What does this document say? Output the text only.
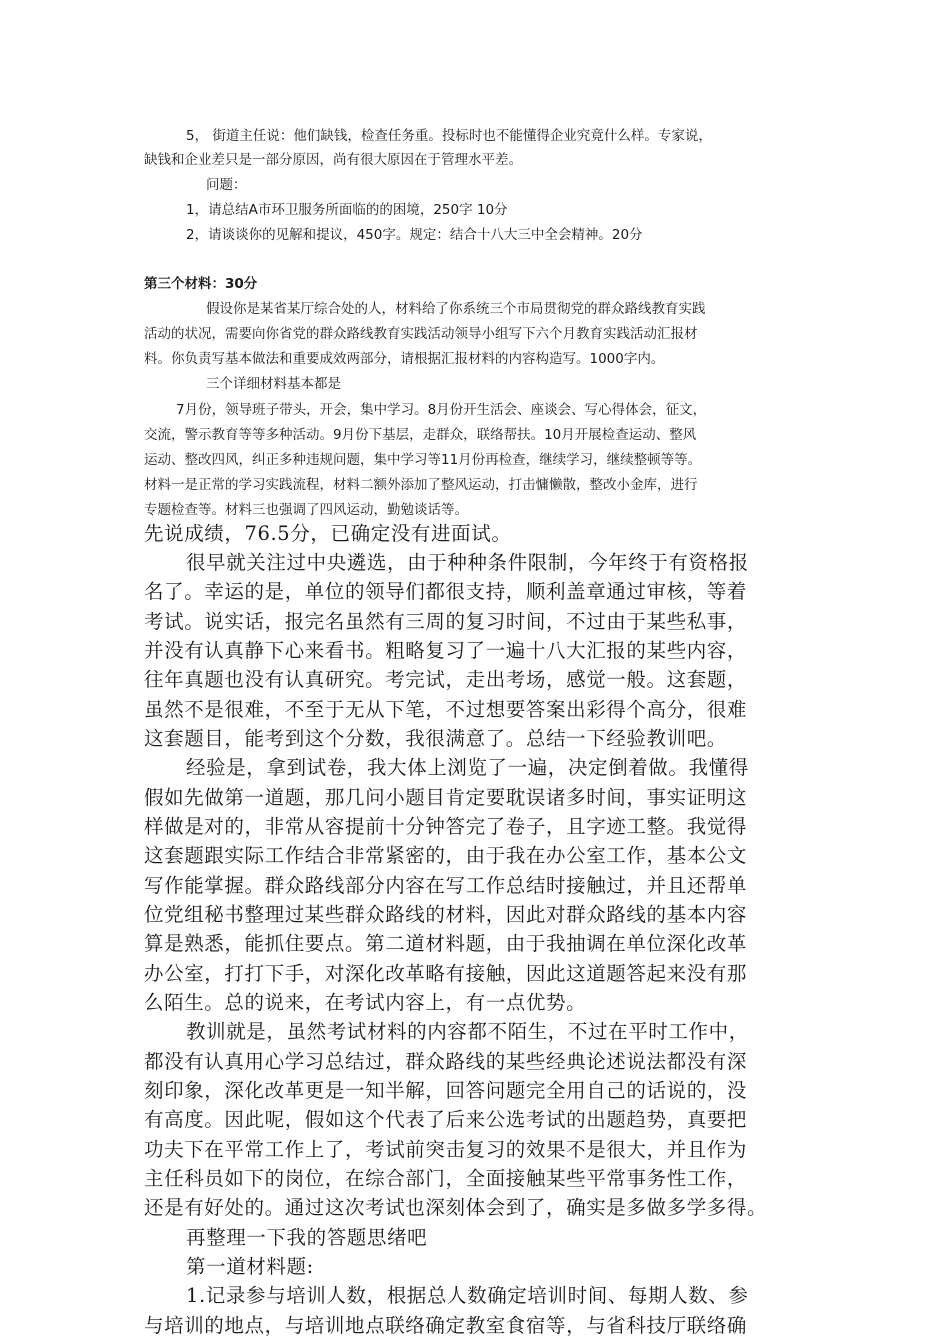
5， 街道主任说：他们缺钱，检查任务重。投标时也不能懂得企业究竟什么样。专家说，

缺钱和企业差只是一部分原因，尚有很大原因在于管理水平差。

问题：

1，请总结A市环卫服务所面临的的困境，250字 10分

2，请谈谈你的见解和提议，450字。规定：结合十八大三中全会精神。20分

第三个材料：30分

假设你是某省某厅综合处的人，材料给了你系统三个市局贯彻党的群众路线教育实践

活动的状况，需要向你省党的群众路线教育实践活动领导小组写下六个月教育实践活动汇报材

料。你负责写基本做法和重要成效两部分，请根据汇报材料的内容构造写。1000字内。

三个详细材料基本都是

7月份，领导班子带头，开会，集中学习。8月份开生活会、座谈会、写心得体会，征文，

交流，警示教育等等多种活动。9月份下基层，走群众，联络帮扶。10月开展检查运动、整风

运动、整改四风，纠正多种违规问题，集中学习等11月份再检查，继续学习，继续整顿等等。

材料一是正常的学习实践流程，材料二额外添加了整风运动，打击慵懒散，整改小金库，进行

专题检查等。材料三也强调了四风运动，勤勉谈话等。

先说成绩，76.5分，已确定没有进面试。

很早就关注过中央遴选，由于种种条件限制，今年终于有资格报

名了。幸运的是，单位的领导们都很支持，顺利盖章通过审核，等着

考试。说实话，报完名虽然有三周的复习时间，不过由于某些私事，

并没有认真静下心来看书。粗略复习了一遍十八大汇报的某些内容，

往年真题也没有认真研究。考完试，走出考场，感觉一般。这套题，

虽然不是很难，不至于无从下笔，不过想要答案出彩得个高分，很难

这套题目，能考到这个分数，我很满意了。总结一下经验教训吧。

经验是，拿到试卷，我大体上浏览了一遍，决定倒着做。我懂得

假如先做第一道题，那几问小题目肯定要耽误诸多时间，事实证明这

样做是对的，非常从容提前十分钟答完了卷子，且字迹工整。我觉得

这套题跟实际工作结合非常紧密的，由于我在办公室工作，基本公文

写作能掌握。群众路线部分内容在写工作总结时接触过，并且还帮单

位党组秘书整理过某些群众路线的材料，因此对群众路线的基本内容

算是熟悉，能抓住要点。第二道材料题，由于我抽调在单位深化改革

办公室，打打下手，对深化改革略有接触，因此这道题答起来没有那

么陌生。总的说来，在考试内容上，有一点优势。

教训就是，虽然考试材料的内容都不陌生，不过在平时工作中，

都没有认真用心学习总结过，群众路线的某些经典论述说法都没有深

刻印象，深化改革更是一知半解，回答问题完全用自己的话说的，没

有高度。因此呢，假如这个代表了后来公选考试的出题趋势，真要把

功夫下在平常工作上了，考试前突击复习的效果不是很大，并且作为

主任科员如下的岗位，在综合部门，全面接触某些平常事务性工作，

还是有好处的。通过这次考试也深刻体会到了，确实是多做多学多得。

再整理一下我的答题思绪吧

第一道材料题:

1.记录参与培训人数，根据总人数确定培训时间、每期人数、参

与培训的地点，与培训地点联络确定教室食宿等，与省科技厅联络确
